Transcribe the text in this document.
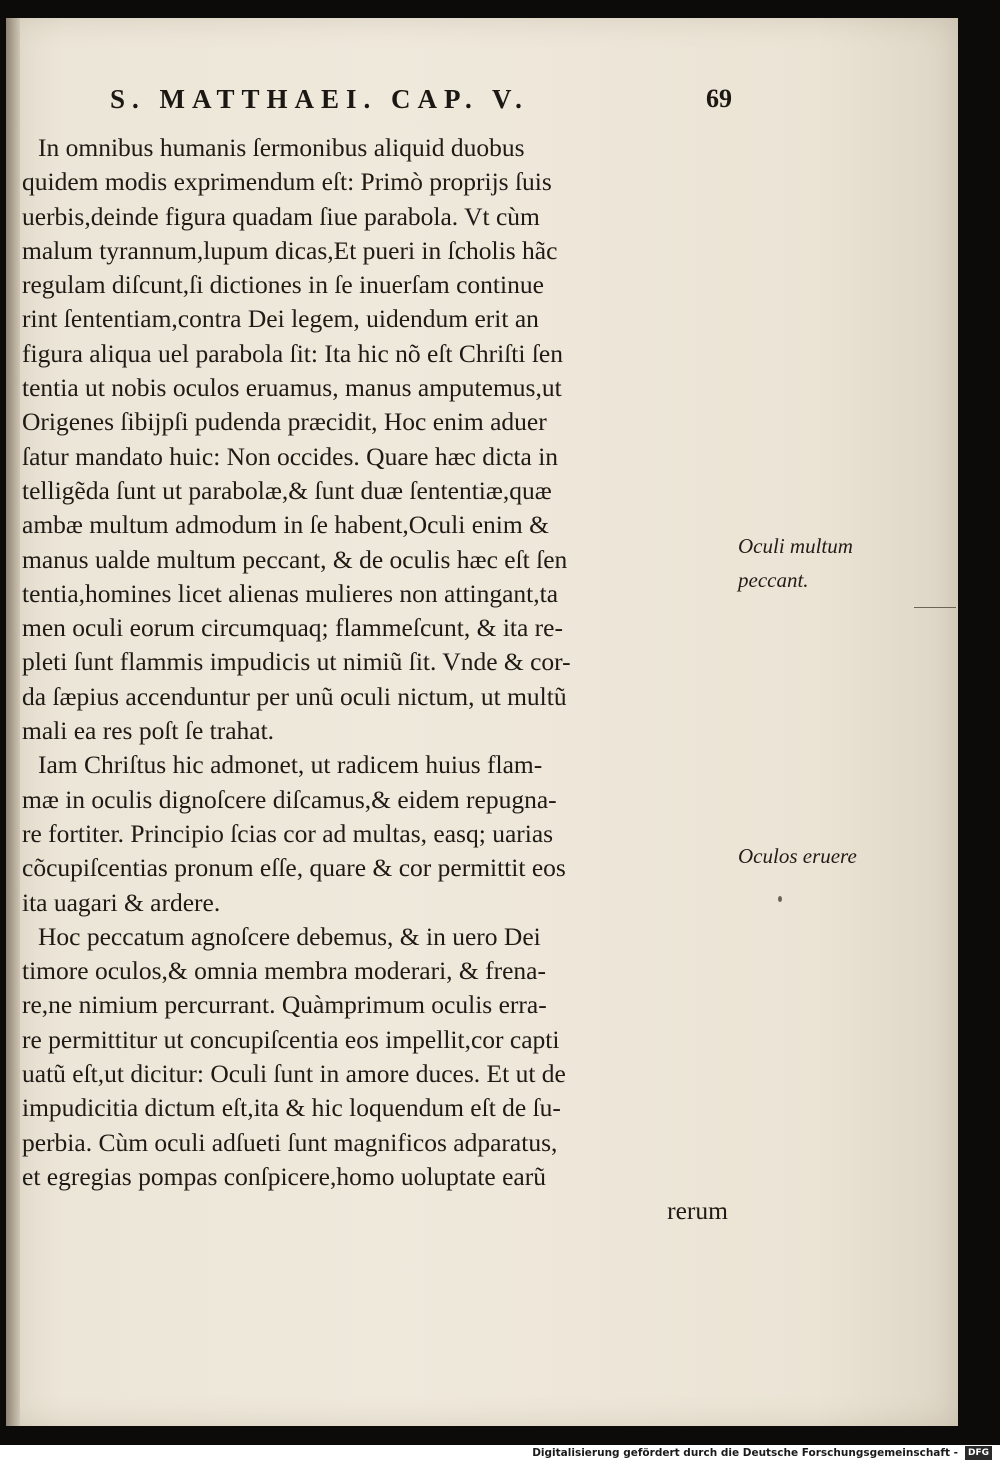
S. MATTHAEI. CAP. V.	69
In omnibus humanis ſermonibus aliquid duobus
quidem modis exprimendum eſt: Primò proprijs ſuis
uerbis,deinde figura quadam ſiue parabola. Vt cùm
malum tyrannum,lupum dicas,Et pueri in ſcholis hãc
regulam diſcunt,ſi dictiones in ſe inuerſam continue
rint ſententiam,contra Dei legem, uidendum erit an
figura aliqua uel parabola ſit: Ita hic nõ eſt Chriſti ſen
tentia ut nobis oculos eruamus, manus amputemus,ut
Origenes ſibijpſi pudenda præcidit, Hoc enim aduer
ſatur mandato huic: Non occides. Quare hæc dicta in
telligẽda ſunt ut parabolæ,& ſunt duæ ſententiæ,quæ
ambæ multum admodum in ſe habent,Oculi enim &
manus ualde multum peccant, & de oculis hæc eſt ſen
tentia,homines licet alienas mulieres non attingant,ta
men oculi eorum circumquaq; flammeſcunt, & ita re-
pleti ſunt flammis impudicis ut nimiũ ſit. Vnde & cor-
da ſæpius accenduntur per unũ oculi nictum, ut multũ
mali ea res poſt ſe trahat.
Iam Chriſtus hic admonet, ut radicem huius flam-
mæ in oculis dignoſcere diſcamus,& eidem repugna-
re fortiter. Principio ſcias cor ad multas, easq; uarias
cõcupiſcentias pronum eſſe, quare & cor permittit eos
ita uagari & ardere.
Hoc peccatum agnoſcere debemus, & in uero Dei
timore oculos,& omnia membra moderari, & frena-
re,ne nimium percurrant. Quàmprimum oculis erra-
re permittitur ut concupiſcentia eos impellit,cor capti
uatũ eſt,ut dicitur: Oculi ſunt in amore duces. Et ut de
impudicitia dictum eſt,ita & hic loquendum eſt de ſu-
perbia. Cùm oculi adſueti ſunt magnificos adparatus,
et egregias pompas conſpicere,homo uoluptate earũ
rerum
Oculi multum
peccant.
Oculos eruere
Digitalisierung gefördert durch die Deutsche Forschungsgemeinschaft -	DFG
